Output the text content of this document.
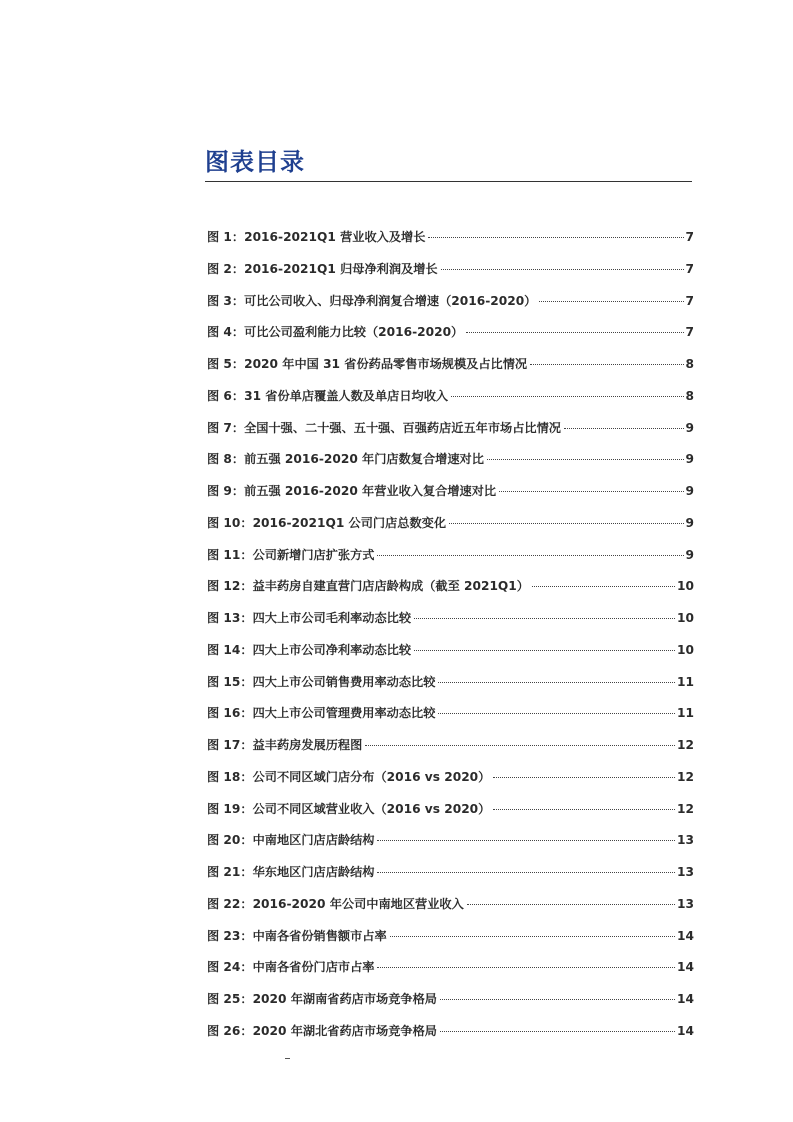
图表目录
图 1：2016-2021Q1 营业收入及增长	7
图 2：2016-2021Q1 归母净利润及增长	7
图 3：可比公司收入、归母净利润复合增速（2016-2020）	7
图 4：可比公司盈利能力比较（2016-2020）	7
图 5：2020 年中国 31 省份药品零售市场规模及占比情况	8
图 6：31 省份单店覆盖人数及单店日均收入	8
图 7：全国十强、二十强、五十强、百强药店近五年市场占比情况	9
图 8：前五强 2016-2020 年门店数复合增速对比	9
图 9：前五强 2016-2020 年营业收入复合增速对比	9
图 10：2016-2021Q1 公司门店总数变化	9
图 11：公司新增门店扩张方式	9
图 12：益丰药房自建直营门店店龄构成（截至 2021Q1）	10
图 13：四大上市公司毛利率动态比较	10
图 14：四大上市公司净利率动态比较	10
图 15：四大上市公司销售费用率动态比较	11
图 16：四大上市公司管理费用率动态比较	11
图 17：益丰药房发展历程图	12
图 18：公司不同区域门店分布（2016 vs 2020）	12
图 19：公司不同区域营业收入（2016 vs 2020）	12
图 20：中南地区门店店龄结构	13
图 21：华东地区门店店龄结构	13
图 22：2016-2020 年公司中南地区营业收入	13
图 23：中南各省份销售额市占率	14
图 24：中南各省份门店市占率	14
图 25：2020 年湖南省药店市场竞争格局	14
图 26：2020 年湖北省药店市场竞争格局	14
